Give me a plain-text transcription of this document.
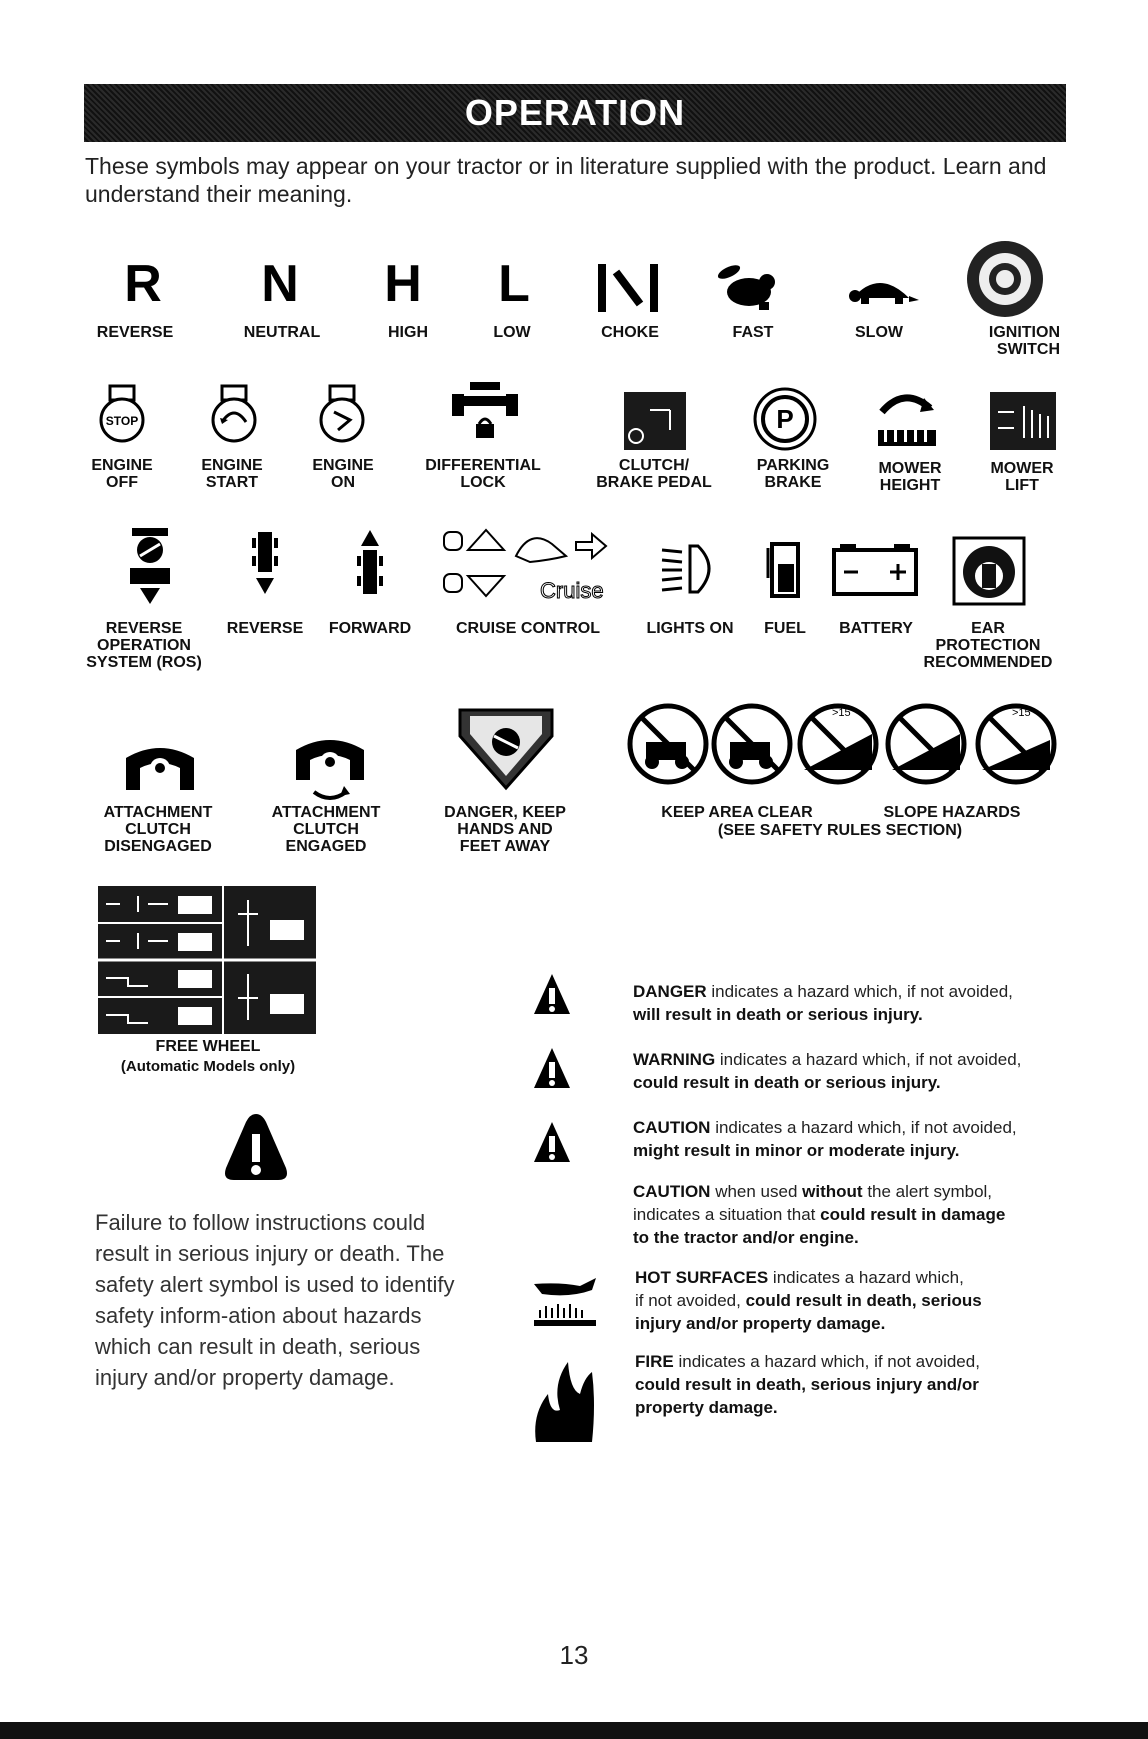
OPERATION
These symbols may appear on your tractor or in literature supplied with the product. Learn and understand their meaning.
R N H L
REVERSE	NEUTRAL	HIGH	LOW	CHOKE	FAST	SLOW	IGNITION
SWITCH
STOP	P
ENGINE
OFF
ENGINE
START
ENGINE
ON
DIFFERENTIAL
LOCK
CLUTCH/
BRAKE PEDAL
PARKING
BRAKE
MOWER
HEIGHT
MOWER
LIFT
Cruise
REVERSE
OPERATION
SYSTEM (ROS)
REVERSE	FORWARD	CRUISE CONTROL	LIGHTS ON	FUEL	BATTERY	EAR
PROTECTION
RECOMMENDED
>15	>15
ATTACHMENT
CLUTCH
DISENGAGED
ATTACHMENT
CLUTCH
ENGAGED
DANGER, KEEP
HANDS AND
FEET AWAY
KEEP AREA CLEAR	SLOPE HAZARDS
(SEE SAFETY RULES SECTION)
FREE WHEEL
(Automatic Models only)
Failure to follow instructions could result in serious injury or death. The safety alert symbol is used to identify safety inform-ation about hazards which can result in death, serious injury and/or property damage.
DANGER indicates a hazard which, if not avoided,
will result in death or serious injury.
WARNING indicates a hazard which, if not avoided,
could result in death or serious injury.
CAUTION indicates a hazard which, if not avoided,
might result in minor or moderate injury.
CAUTION when used without the alert symbol,
indicates a situation that could result in damage
to the tractor and/or engine.
HOT SURFACES indicates a hazard which,
if not avoided, could result in death, serious
injury and/or property damage.
FIRE indicates a hazard which, if not avoided,
could result in death, serious injury and/or
property damage.
13
